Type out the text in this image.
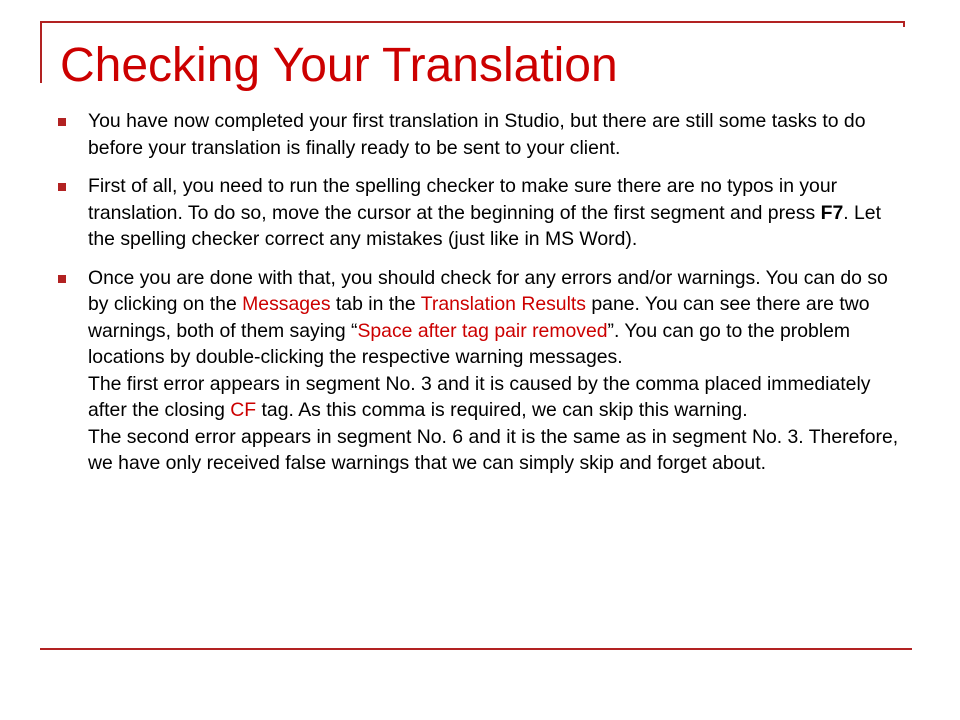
Checking Your Translation
You have now completed your first translation in Studio, but there are still some tasks to do before your translation is finally ready to be sent to your client.
First of all, you need to run the spelling checker to make sure there are no typos in your translation. To do so, move the cursor at the beginning of the first segment and press F7. Let the spelling checker correct any mistakes (just like in MS Word).
Once you are done with that, you should check for any errors and/or warnings. You can do so by clicking on the Messages tab in the Translation Results pane. You can see there are two warnings, both of them saying “Space after tag pair removed”. You can go to the problem locations by double-clicking the respective warning messages.
The first error appears in segment No. 3 and it is caused by the comma placed immediately after the closing CF tag. As this comma is required, we can skip this warning.
The second error appears in segment No. 6 and it is the same as in segment No. 3. Therefore, we have only received false warnings that we can simply skip and forget about.
